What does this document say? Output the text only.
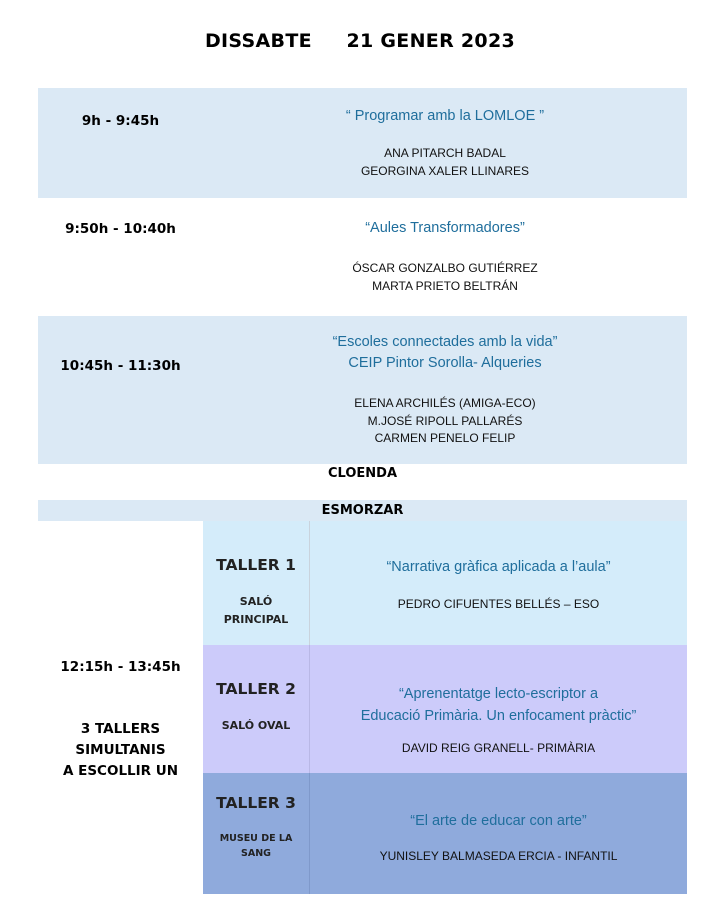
DISSABTE 21 GENER 2023
9h - 9:45h	“ Programar amb la LOMLOE ”
ANA PITARCH BADAL
GEORGINA XALER LLINARES
9:50h - 10:40h	“Aules Transformadores”
ÓSCAR GONZALBO GUTIÉRREZ
MARTA PRIETO BELTRÁN
10:45h - 11:30h
“Escoles connectades amb la vida”
CEIP Pintor Sorolla- Alqueries
ELENA ARCHILÉS (AMIGA-ECO)
M.JOSÉ RIPOLL PALLARÉS
CARMEN PENELO FELIP
CLOENDA
ESMORZAR
12:15h - 13:45h
3 TALLERS
SIMULTANIS
A ESCOLLIR UN
TALLER 1
SALÓ
PRINCIPAL
“Narrativa gràfica aplicada a l’aula”
PEDRO CIFUENTES BELLÉS – ESO
TALLER 2
SALÓ OVAL
“Aprenentatge lecto-escriptor a
Educació Primària. Un enfocament pràctic”
DAVID REIG GRANELL- PRIMÀRIA
TALLER 3
MUSEU DE LA
SANG
“El arte de educar con arte”
YUNISLEY BALMASEDA ERCIA - INFANTIL
